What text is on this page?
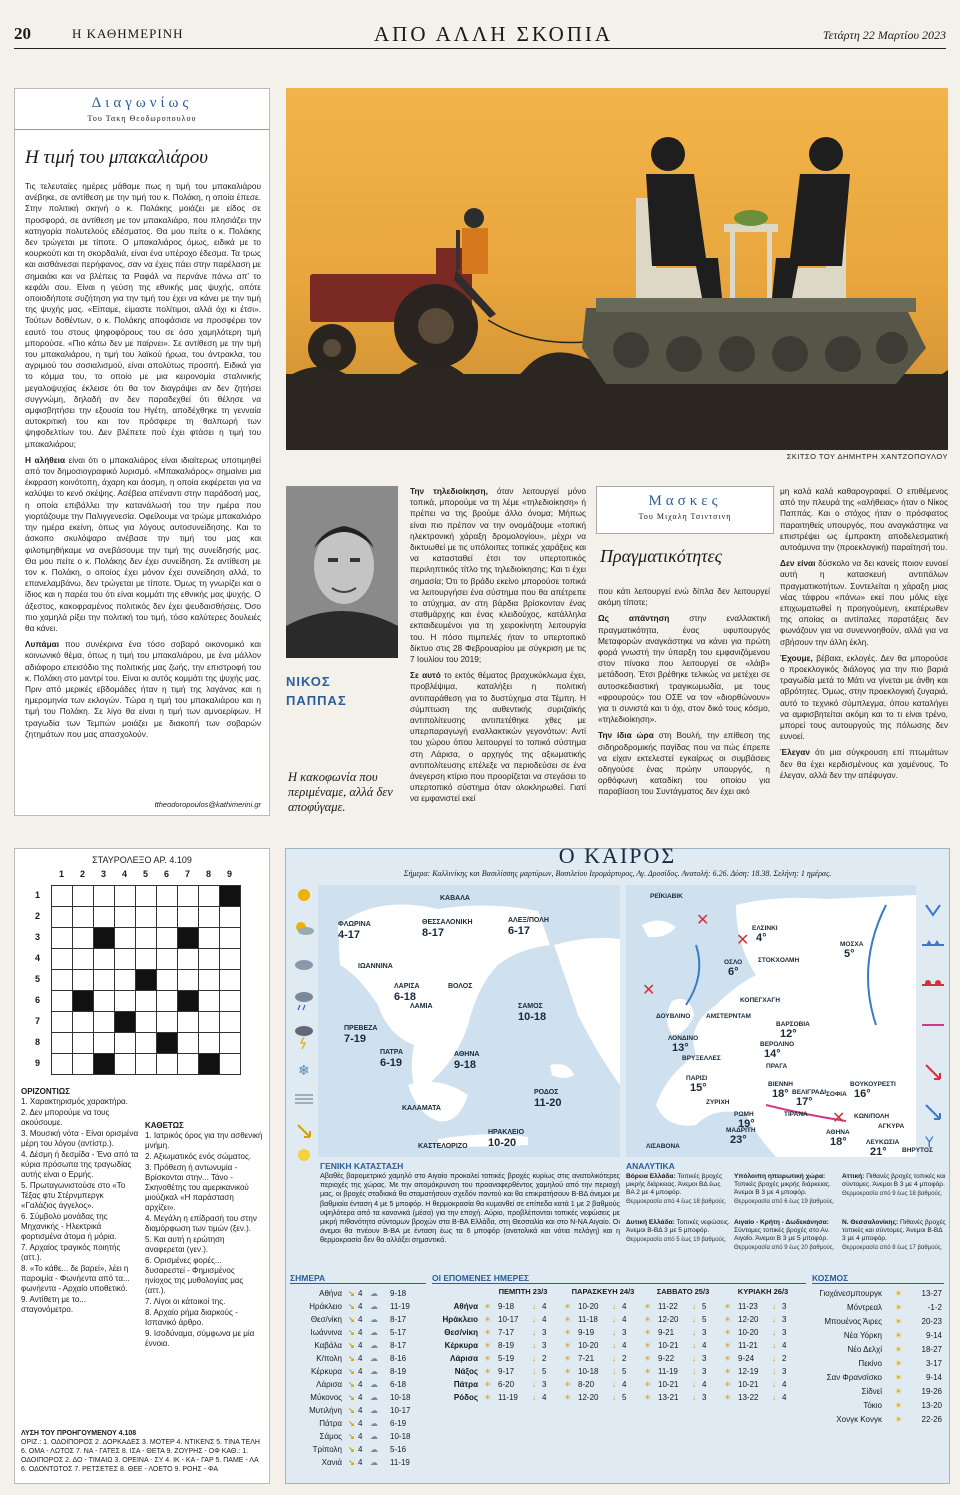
20	Η ΚΑΘΗΜΕΡΙΝΗ	ΑΠΟ ΑΛΛΗ ΣΚΟΠΙΑ	Τετάρτη 22 Μαρτίου 2023
Διαγωνίως
Του Τακη Θεοδωροπουλου
Η τιμή του μπακαλιάρου

Τις τελευταίες ημέρες μάθαμε πως η τιμή του μπακαλιάρου ανέβηκε, σε αντίθεση με την τιμή του κ. Πολάκη, η οποία έπεσε. Στην πολιτική σκηνή ο κ. Πολάκης μοιάζει με είδος σε προσφορά, σε αντίθεση με τον μπακαλιάρο, που πλησιάζει την κατηγορία πολυτελούς εδέσματος. Θα μου πείτε ο κ. Πολάκης δεν τρώγεται με τίποτε. Ο μπακαλιάρος όμως, ειδικά με το κουρκούτι και τη σκορδαλιά, είναι ένα υπέροχο έδεσμα. Τα τρως και αισθάνεσαι περήφανος, σαν να έχεις πάει στην παρέλαση με σημαιάκι και να βλέπεις τα Ραφάλ να περνάνε πάνω απ' το κεφάλι σου. Είναι η γεύση της εθνικής μας ψυχής, οπότε οποιοδήποτε συζήτηση για την τιμή του έχει να κάνει με την τιμή της ψυχής μας. «Είπαμε, είμαστε πολίτιμοι, αλλά όχι κι έτσι». Τούτων δοθέντων, ο κ. Πολάκης αποφάσισε να προσφέρει τον εαυτό του στους ψηφοφόρους του σε όσο χαμηλότερη τιμή μπορούσε. «Πιο κάτω δεν με παίρνει». Σε αντίθεση με την τιμή του μπακαλιάρου, η τιμή του λαϊκού ήρωα, του άντρακλα, του αγριμιού του σοσιαλισμού, είναι απολύτως προσιτή. Ειδικά για το κόμμα του, το οποίο με μια κειρονομία σταλινικής μεγαλοψυχίας έκλεισε ότι θα τον διαγράψει αν δεν ζητήσει συγγνώμη, δηλαδή αν δεν παραδεχθεί ότι θέλησε να αμφισβητήσει την εξουσία του Ηγέτη, αποδέχθηκε τη γενναία αυτοκριτική του και τον πρόσφερε τη θαλπωρή των ψηφοδελτίων του. Δεν βλέπετε πού έχει φτάσει η τιμή του μπακαλιάρου;

Η αλήθεια είναι ότι ο μπακαλιάρος είναι ιδιαίτερως υποτιμηθεί από τον δημοσιογραφικό λυρισμό. «Μπακαλιάρος» σημαίνει μια έκφραση κοινότοπη, άχαρη και άοσμη, η οποία εκφέρεται για να καλύψει το κενό σκέψης. Ασέβεια απέναντι στην παράδοσή μας, η οποία επιβάλλει την κατανάλωσή του την ημέρα που γιορτάζουμε την Παλιγγενεσία. Οφείλουμε να τρώμε μπακαλιάρο την ημέρα εκείνη, όπως για λόγους αυτοσυνείδησης. Και το άσκοπο σκυλόψαρο ανέβασε την τιμή του μας και φιλοτιμηθήκαμε να ανεβάσουμε την τιμή της συνείδησής μας. Θα μου πείτε ο κ. Πολάκης δεν έχει συνείδηση. Σε αντίθεση με τον κ. Πολάκη, ο οποίος έχει μόνον έχει συνείδηση αλλά, το επανελαμβάνω, δεν τρώγεται με τίποτε. Όμως τη γνωρίζει και ο ίδιος και η παρέα του ότι είναι κομμάτι της εθνικής μας ψυχής. Ο άξεστος, κακοφραμένος πολιτικός δεν έχει ψευδαισθήσεις. Όσο πιο χαμηλά ρίξει την πολιτική του τιμή, τόσο καλύτερες δουλειές θα κάνει.

Λυπάμαι που συνέκρινα ένα τόσο σοβαρό οικονομικό και κοινωνικό θέμα, όπως η τιμή του μπακαλιάρου, με ένα μάλλον αδιάφορο επεισόδιο της πολιτικής μας ζωής, την επιστροφή του κ. Πολάκη στο μαντρί του. Είναι κι αυτός κομμάτι της ψυχής μας. Πριν από μερικές εβδομάδες ήταν η τιμή της λαγάνας και η ημερομηνία των εκλογών. Τώρα η τιμή του μπακαλιάρου και η τιμή του Πολάκη. Σε λίγο θα είναι η τιμή των αμνοερίφων. Η τραγωδία των Τεμπών μοιάζει με διακοπή των σοβαρών ζητημάτων που μας απασχολούν.

ttheodoropoulos@kathimerini.gr
ΣΚΙΤΣΟ ΤΟΥ ΔΗΜΗΤΡΗ ΧΑΝΤΖΟΠΟΥΛΟΥ
ΝΙΚΟΣ
ΠΑΠΠΑΣ
Η κακοφωνία που περιμέναμε, αλλά δεν αποφύγαμε.

Την τηλεδιοίκηση, όταν λειτουργεί μόνο τοπικά, μπορούμε να τη λέμε «τηλεδιοίκηση» ή πρέπει να της βρούμε άλλο όνομα; Μήπως είναι πιο πρέπον να την ονομάζουμε «τοπική ηλεκτρονική χάραξη δρομολογίου», μέχρι να δικτυωθεί με τις υπόλοιπες τοπικές χαράξεις και να κατασταθεί έτσι τον υπερτοπικός περιληπτικός τίτλο της τηλεδιοίκησης; Και τι έχει σημασία; Ότι το βράδυ εκείνο μπορούσε τοπικά να λειτουργήσει ένα σύστημα που θα απέτρεπε το ατύχημα, αν στη βάρδια βρίσκονταν ένας σταθμάρχης και ένας κλειδούχος, κατάλληλα εκπαιδευμένοι για τη χειροκίνητη λειτουργία του. Η πόσο πιμπελές ήταν το υπερτοπικό δίκτυο στις 28 Φεβρουαρίου με σύγκριση με τις 7 Ιουλίου του 2019;

Σε αυτό το εκτός θέματος βραχυκύκλωμα έχει, προβλέψιμα, καταλήξει η πολιτική αντιπαράθεση για το δυστύχημα στα Τέμπη. Η σύμπτωση της αυθεντικής συριζαϊκής αντιπολίτευσης αντιπετέθηκε χθες με υπερπαραγωγή εναλλακτικών γεγονότων: Αντί του χώρου όπου λειτουργεί το τοπικό σύστημα στη Λάρισα, ο αρχηγός της αξιωματικής αντιπολίτευσης επέλεξε να περιοδεύσει σε ένα άνεγερση κτίριο που προορίζεται να στεγάσει το υπερτοπικό σύστημα όταν ολοκληρωθεί. Γιατί να εμφανιστεί εκεί

Μασκες
Του Μιχαλη Τσιντσινη
Πραγματικότητες

που κάτι λειτουργεί ενώ δίπλα δεν λειτουργεί ακόμη τίποτε;

Ως απάντηση στην εναλλακτική πραγματικότητα, ένας υφυπουργός Μεταφορών αναγκάστηκε να κάνει για πρώτη φορά γνωστή την ύπαρξη του εμφανιζόμενου στον πίνακα που λειτουργεί σε «λάιβ» μετάδοση. Έτσι βρέθηκε τελικώς να μετέχει σε αυτοσκεδιαστική τραγικωμωδία, με τους «φρουρούς» του ΟΣΕ να τον «διορθώνουν» για τι συνιστά και τι όχι, στον δικό τους κόσμο, «τηλεδιοίκηση».

Την ίδια ώρα στη Βουλή, την επίθεση της σιδηροδρομικής παγίδας που να πώς έπρεπε να είχαν εκτελεστεί εγκαίρως οι συμβάσεις οδηγούσε ένας πρώην υπουργός, η ορθόφωνη καταδίκη του οποίου για παραβίαση του Συντάγματος δεν έχει ακό

μη καλά καλά καθαρογραφεί. Ο επιθέμενος από την πλευρά της «αλήθειας» ήταν ο Νίκος Παππάς. Και ο στόχος ήταν ο πρόσφατος παραιτηθείς υπουργός, που αναγκάστηκε να επιστρέψει ως έμπρακτη αποδελεσματική αυτοάμυνα την (προεκλογική) παραίτησή του.

Δεν είναι δύσκολο να δει κανείς ποιον ευνοεί αυτή η κατασκευή αντιπάλων πραγματικοτήτων. Συντελείται η χάραξη μιας νέας τάφρου «πάνω» εκεί που μόλις είχε επιχωματωθεί η προηγούμενη, εκατέρωθεν της οποίας οι αντίπαλες παρατάξεις δεν φωνάζουν για να συνεννοηθούν, αλλά για να σβήσουν την άλλη έκλη.

Έχουμε, βέβαια, εκλογές. Δεν θα μπορούσε ο προεκλογικός διάλογος για την πιο βαριά τραγωδία μετά το Μάτι να γίνεται με άνθη και αβρότητες. Όμως, στην προεκλογική ζυγαριά, αυτό το τεχνικό σύμπλεγμα, όπου καταλήγει να αμφισβητείται ακόμη και το τι είναι τρένο, μπορεί τους αυτουργούς της πόλωσης δεν ευνοεί.

Έλεγαν ότι μια σύγκρουση επί πτωμάτων δεν θα έχει κερδισμένους και χαμένους. Το έλεγαν, αλλά δεν την απέφυγαν.

ΣΤΑΥΡΟΛΕΞΟ ΑΡ. 4.109
1 2 3 4 5 6 7 8 9
1
2
3
4
5
6
7
8
9
ΟΡΙΖΟΝΤΙΩΣ
1. Χαρακτηρισμός χαρακτήρα.
2. Δεν μπορούμε να τους ακούσουμε.
3. Μουσική νότα - Είναι ορισμένα μέρη του λόγου (αντίστρ.).
4. Δέσμη ή δεσμίδα - Ένα από τα κύρια πρόσωπα της τραγωδίας αυτής είναι ο Ερμής.
5. Πρωταγωνιστούσε στο «Το Τέξας φτυ Στέρνμπεργκ «Γαλάζιος άγγελος».
6. Σύμβολο μονάδας της Μηχανικής - Ηλεκτρικά φορτισμένα άτομα ή μόρια.
7. Αρχαίος τραγικός ποιητής (αττ.).
8. «Το κάθε... δε βαρεί», λέει η παροιμία - Φωνήεντα από τα... φωνήεντα - Αρχαίο υποθετικό.
9. Αντίθετη με το... σταγονόμετρο.
ΚΑΘΕΤΩΣ
1. Ιατρικός όρος για την ασθενική μνήμη.
2. Αξιωματικός ενός σώματος.
3. Πρόθεση ή αντωνυμία - Βρίσκονται στην... Τάνο - Σκηνοθέτης του αμερικανικού μιούζικαλ «Η παράσταση αρχίζει».
4. Μεγάλη η επίδρασή του στην διαμόρφωση των τιμών (ξεν.).
5. Και αυτή η ερώτηση αναφερεται (γεν.).
6. Ορισμένες φορές... δυσαρεστεί - Φημισμένος ηνίοχος της μυθολογίας μας (αττ.).
7. Λίγοι οι κάτοικοί της.
8. Αρχαίο ρήμα διαρκούς - Ισπανικό άρθρο.
9. Ισοδύναμα, σύμφωνα με μία έννοια.
ΛΥΣΗ ΤΟΥ ΠΡΟΗΓΟΥΜΕΝΟΥ 4.108
ΟΡΙΖ.: 1. ΟΔΟΙΠΟΡΟΣ 2. ΔΟΡΚΑΔΕΣ 3. ΜΟΤΕΡ 4. ΝΤΙΚΕΝΣ 5. ΤΙΝΑ ΤΕΛΗ 6. ΟΜΑ - ΛΩΤΟΣ 7. ΝΑ - ΓΑΤΕΣ 8. ΙΣΑ - ΘΕΤΑ 9. ΖΟΥΡΗΣ - ΟΦ ΚΑΘ.: 1. ΟΔΟΙΠΟΡΟΣ 2. ΔΟ - ΤΙΜΑΙΩ 3. ΟΡΕΙΝΑ - ΣΥ 4. ΙΚ - ΚΑ - ΓΑΡ 5. ΠΑΜΕ - ΛΑ 6. ΟΔΟΝΤΩΤΟΣ 7. ΡΕΤΣΕΤΕΣ 8. ΘΕΕ - ΛΟΕΤΟ 9. ΡΟΗΣ - ΦΑ
Ο ΚΑΙΡΟΣ
Σήμερα: Καλλινίκης και Βασιλίσσης μαρτύρων, Βασιλείου Ιερομάρτυρος, Αγ. Δροσίδος. Ανατολή: 6.26. Δύση: 18.38. Σελήνη: 1 ημέρας.
❄
ΦΛΩΡΙΝΑ
4-17
ΚΑΒΑΛΑ
ΘΕΣΣΑΛΟΝΙΚΗ
8-17
ΑΛΕΞ/ΠΟΛΗ
6-17
ΙΩΑΝΝΙΝΑ
ΛΑΡΙΣΑ
6-18
ΒΟΛΟΣ
ΛΑΜΙΑ
ΠΡΕΒΕΖΑ
7-19
ΠΑΤΡΑ
6-19
ΑΘΗΝΑ
9-18
ΣΑΜΟΣ
10-18
ΚΑΛΑΜΑΤΑ
ΡΟΔΟΣ
11-20
ΗΡΑΚΛΕΙΟ
10-20
ΚΑΣΤΕΛΟΡΙΖΟ
✕
✕
✕
✕
ΡΕΪΚΙΑΒΙΚ
ΕΛΣΙΝΚΙ
4°
ΜΟΣΧΑ
5°
ΟΣΛΟ
6°
ΣΤΟΚΧΟΛΜΗ
ΚΟΠΕΓΧΑΓΗ
ΔΟΥΒΛΙΝΟ ΑΜΣΤΕΡΝΤΑΜ
ΒΑΡΣΟΒΙΑ
12°
ΛΟΝΔΙΝΟ
13°	ΒΕΡΟΛΙΝΟ
14°
ΒΡΥΞΕΛΛΕΣ
ΠΡΑΓΑ
ΠΑΡΙΣΙ
15°	ΒΙΕΝΝΗ
18°
ΒΟΥΚΟΥΡΕΣΤΙ
16°
ΖΥΡΙΧΗ
ΒΕΛΙΓΡΑΔΙ
17°
ΣΟΦΙΑ
ΡΩΜΗ
19°
ΚΩΝ/ΠΟΛΗ
ΤΙΡΑΝΑ
ΑΓΚΥΡΑ
ΜΑΔΡΙΤΗ
23°
ΑΘΗΝΑ
18°	ΛΕΥΚΩΣΙΑ
21°
ΛΙΣΑΒΟΝΑ
ΒΗΡΥΤΟΣ
Y
ΓΕΝΙΚΗ ΚΑΤΑΣΤΑΣΗ
Αβαθές βαρομετρικό χαμηλό στο Αιγαίο προκαλεί τοπικές βροχές κυρίως στις ανατολικότερες περιοχές της χώρας. Με την απομάκρυνση του προαναφερθέντος χαμηλού από την περιοχή μας, οι βροχές σταδιακά θα σταματήσουν σχεδόν παντού και θα επικρατήσουν Β-ΒΔ άνεμοι με βαθμιαία ένταση 4 με 5 μποφόρ. Η θερμοκρασία θα κυμανθεί σε επίπεδα κατά 1 με 2 βαθμούς υψηλότερα από τα κανονικά (μέσα) για την εποχή. Αύριο, προβλέπονται τοπικές νεφώσεις με μικρή πιθανότητα σύντομων βροχών στα Β-ΒΑ Ελλάδα, στη Θεσσαλία και στο Ν-ΝΑ Αιγαίο. Οι άνεμοι θα πνέουν Β-ΒΑ με ένταση έως τα 6 μποφόρ (ανατολικά και νότια πελάγη) και η θερμοκρασία δεν θα αλλάξει σημαντικά.
ΑΝΑΛΥΤΙΚΑ
Βόρεια Ελλάδα: Τοπικές βροχές μικρής διάρκειας. Άνεμοι ΒΔ έως ΒΑ 2 με 4 μποφόρ.
Θερμοκρασία από 4 έως 18 βαθμούς.
Υπόλοιπη ηπειρωτική χώρα: Τοπικές βροχές μικρής διάρκειας. Άνεμοι Β 3 με 4 μποφόρ.
Θερμοκρασία από 6 έως 19 βαθμούς.
Αττική: Πιθανές βροχές τοπικές και σύντομες. Άνεμοι Β 3 με 4 μποφόρ.
Θερμοκρασία από 9 έως 18 βαθμούς.
Δυτική Ελλάδα: Τοπικές νεφώσεις. Άνεμοι Β-ΒΔ 3 με 5 μποφόρ.
Θερμοκρασία από 5 έως 19 βαθμούς.
Αιγαίο - Κρήτη - Δωδεκάνησα: Σύντομες τοπικές βροχές στο Αν. Αιγαίο. Άνεμοι Β 3 με 5 μποφόρ.
Θερμοκρασία από 9 έως 20 βαθμούς.
Ν. Θεσσαλονίκης: Πιθανές βροχές τοπικές και σύντομες. Άνεμοι Β-ΒΔ 3 με 4 μποφόρ.
Θερμοκρασία από 8 έως 17 βαθμούς.
ΣΗΜΕΡΑ
Αθήνα ↘ 4 ☁ 9-18
Ηράκλειο ↘ 4 ☁ 11-19
Θεσ/νίκη ↘ 4 ☁ 8-17
Ιωάννινα ↘ 4 ☁ 5-17
Καβάλα ↘ 4 ☁ 8-17
Κ/πολη ↘ 4 ☁ 8-16
Κέρκυρα ↘ 4 ☁ 8-19
Λάρισα ↘ 4 ☁ 6-18
Μύκονος ↘ 4 ☁ 10-18
Μυτιλήνη ↘ 4 ☁ 10-17
Πάτρα ↘ 4 ☁ 6-19
Σάμος ↘ 4 ☁ 10-18
Τρίπολη ↘ 4 ☁ 5-16
Χανιά ↘ 4 ☁ 11-19
ΟΙ ΕΠΟΜΕΝΕΣ ΗΜΕΡΕΣ
ΠΕΜΠΤΗ 23/3	ΠΑΡΑΣΚΕΥΗ 24/3	ΣΑΒΒΑΤΟ 25/3	ΚΥΡΙΑΚΗ 26/3
Αθήνα ☀ 9-18 ↓ 4 ☀ 10-20 ↓ 4 ☀ 11-22 ↓ 5 ☀ 11-23 ↓ 3
Ηράκλειο ☀ 10-17 ↓ 4 ☀ 11-18 ↓ 4 ☀ 12-20 ↓ 5 ☀ 12-20 ↓ 3
Θεσ/νίκη ☀ 7-17 ↓ 3 ☀ 9-19 ↓ 3 ☀ 9-21 ↓ 3 ☀ 10-20 ↓ 3
Κέρκυρα ☀ 8-19 ↓ 3 ☀ 10-20 ↓ 4 ☀ 10-21 ↓ 4 ☀ 11-21 ↓ 4
Λάρισα ☀ 5-19 ↓ 2 ☀ 7-21 ↓ 2 ☀ 9-22 ↓ 3 ☀ 9-24 ↓ 2
Νάξος ☀ 9-17 ↓ 5 ☀ 10-18 ↓ 5 ☀ 11-19 ↓ 3 ☀ 12-19 ↓ 3
Πάτρα ☀ 6-20 ↓ 3 ☀ 8-20 ↓ 4 ☀ 10-21 ↓ 4 ☀ 10-21 ↓ 4
Ρόδος ☀ 11-19 ↓ 4 ☀ 12-20 ↓ 5 ☀ 13-21 ↓ 3 ☀ 13-22 ↓ 4
ΚΟΣΜΟΣ
Γιοχάνεσμπουργκ ☀ 13-27
Μόντρεαλ ☀	-1-2
Μπουένος Άιρες ☀ 20-23
Νέα Υόρκη ☀	9-14
Νέο Δελχί ☀ 18-27
Πεκίνο ☀	3-17
Σαν Φρανσίσκο ☀	9-14
Σίδνεϊ ☀ 19-26
Τόκιο ☀ 13-20
Χονγκ Κονγκ ☀ 22-26
